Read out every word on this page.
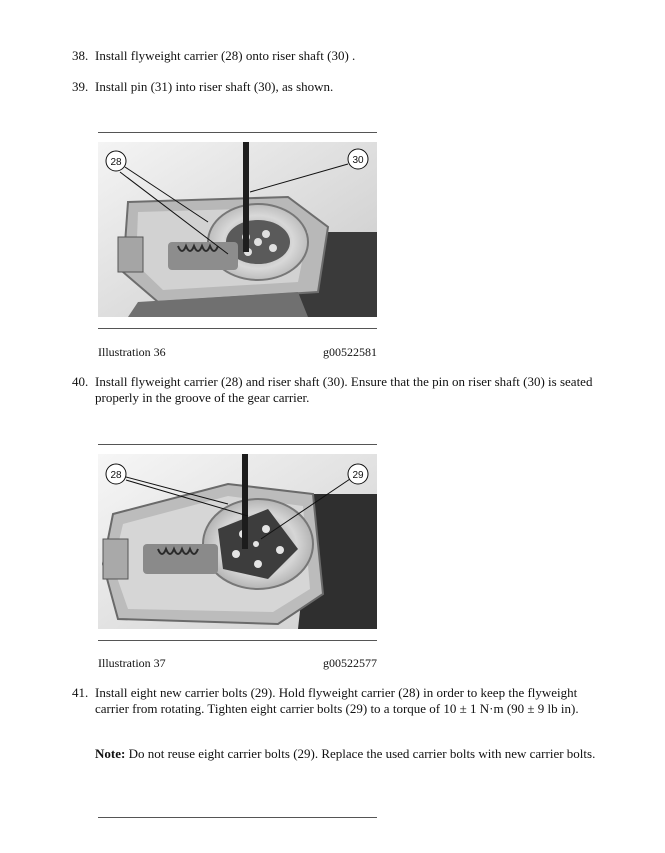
38. Install flyweight carrier (28) onto riser shaft (30) .
39. Install pin (31) into riser shaft (30), as shown.
28	30
Illustration 36	g00522581
40. Install flyweight carrier (28) and riser shaft (30). Ensure that the pin on riser shaft (30) is seated properly in the groove of the gear carrier.
28	29
Illustration 37	g00522577
41. Install eight new carrier bolts (29). Hold flyweight carrier (28) in order to keep the flyweight carrier from rotating. Tighten eight carrier bolts (29) to a torque of 10 ± 1 N·m (90 ± 9 lb in).
Note: Do not reuse eight carrier bolts (29). Replace the used carrier bolts with new carrier bolts.
